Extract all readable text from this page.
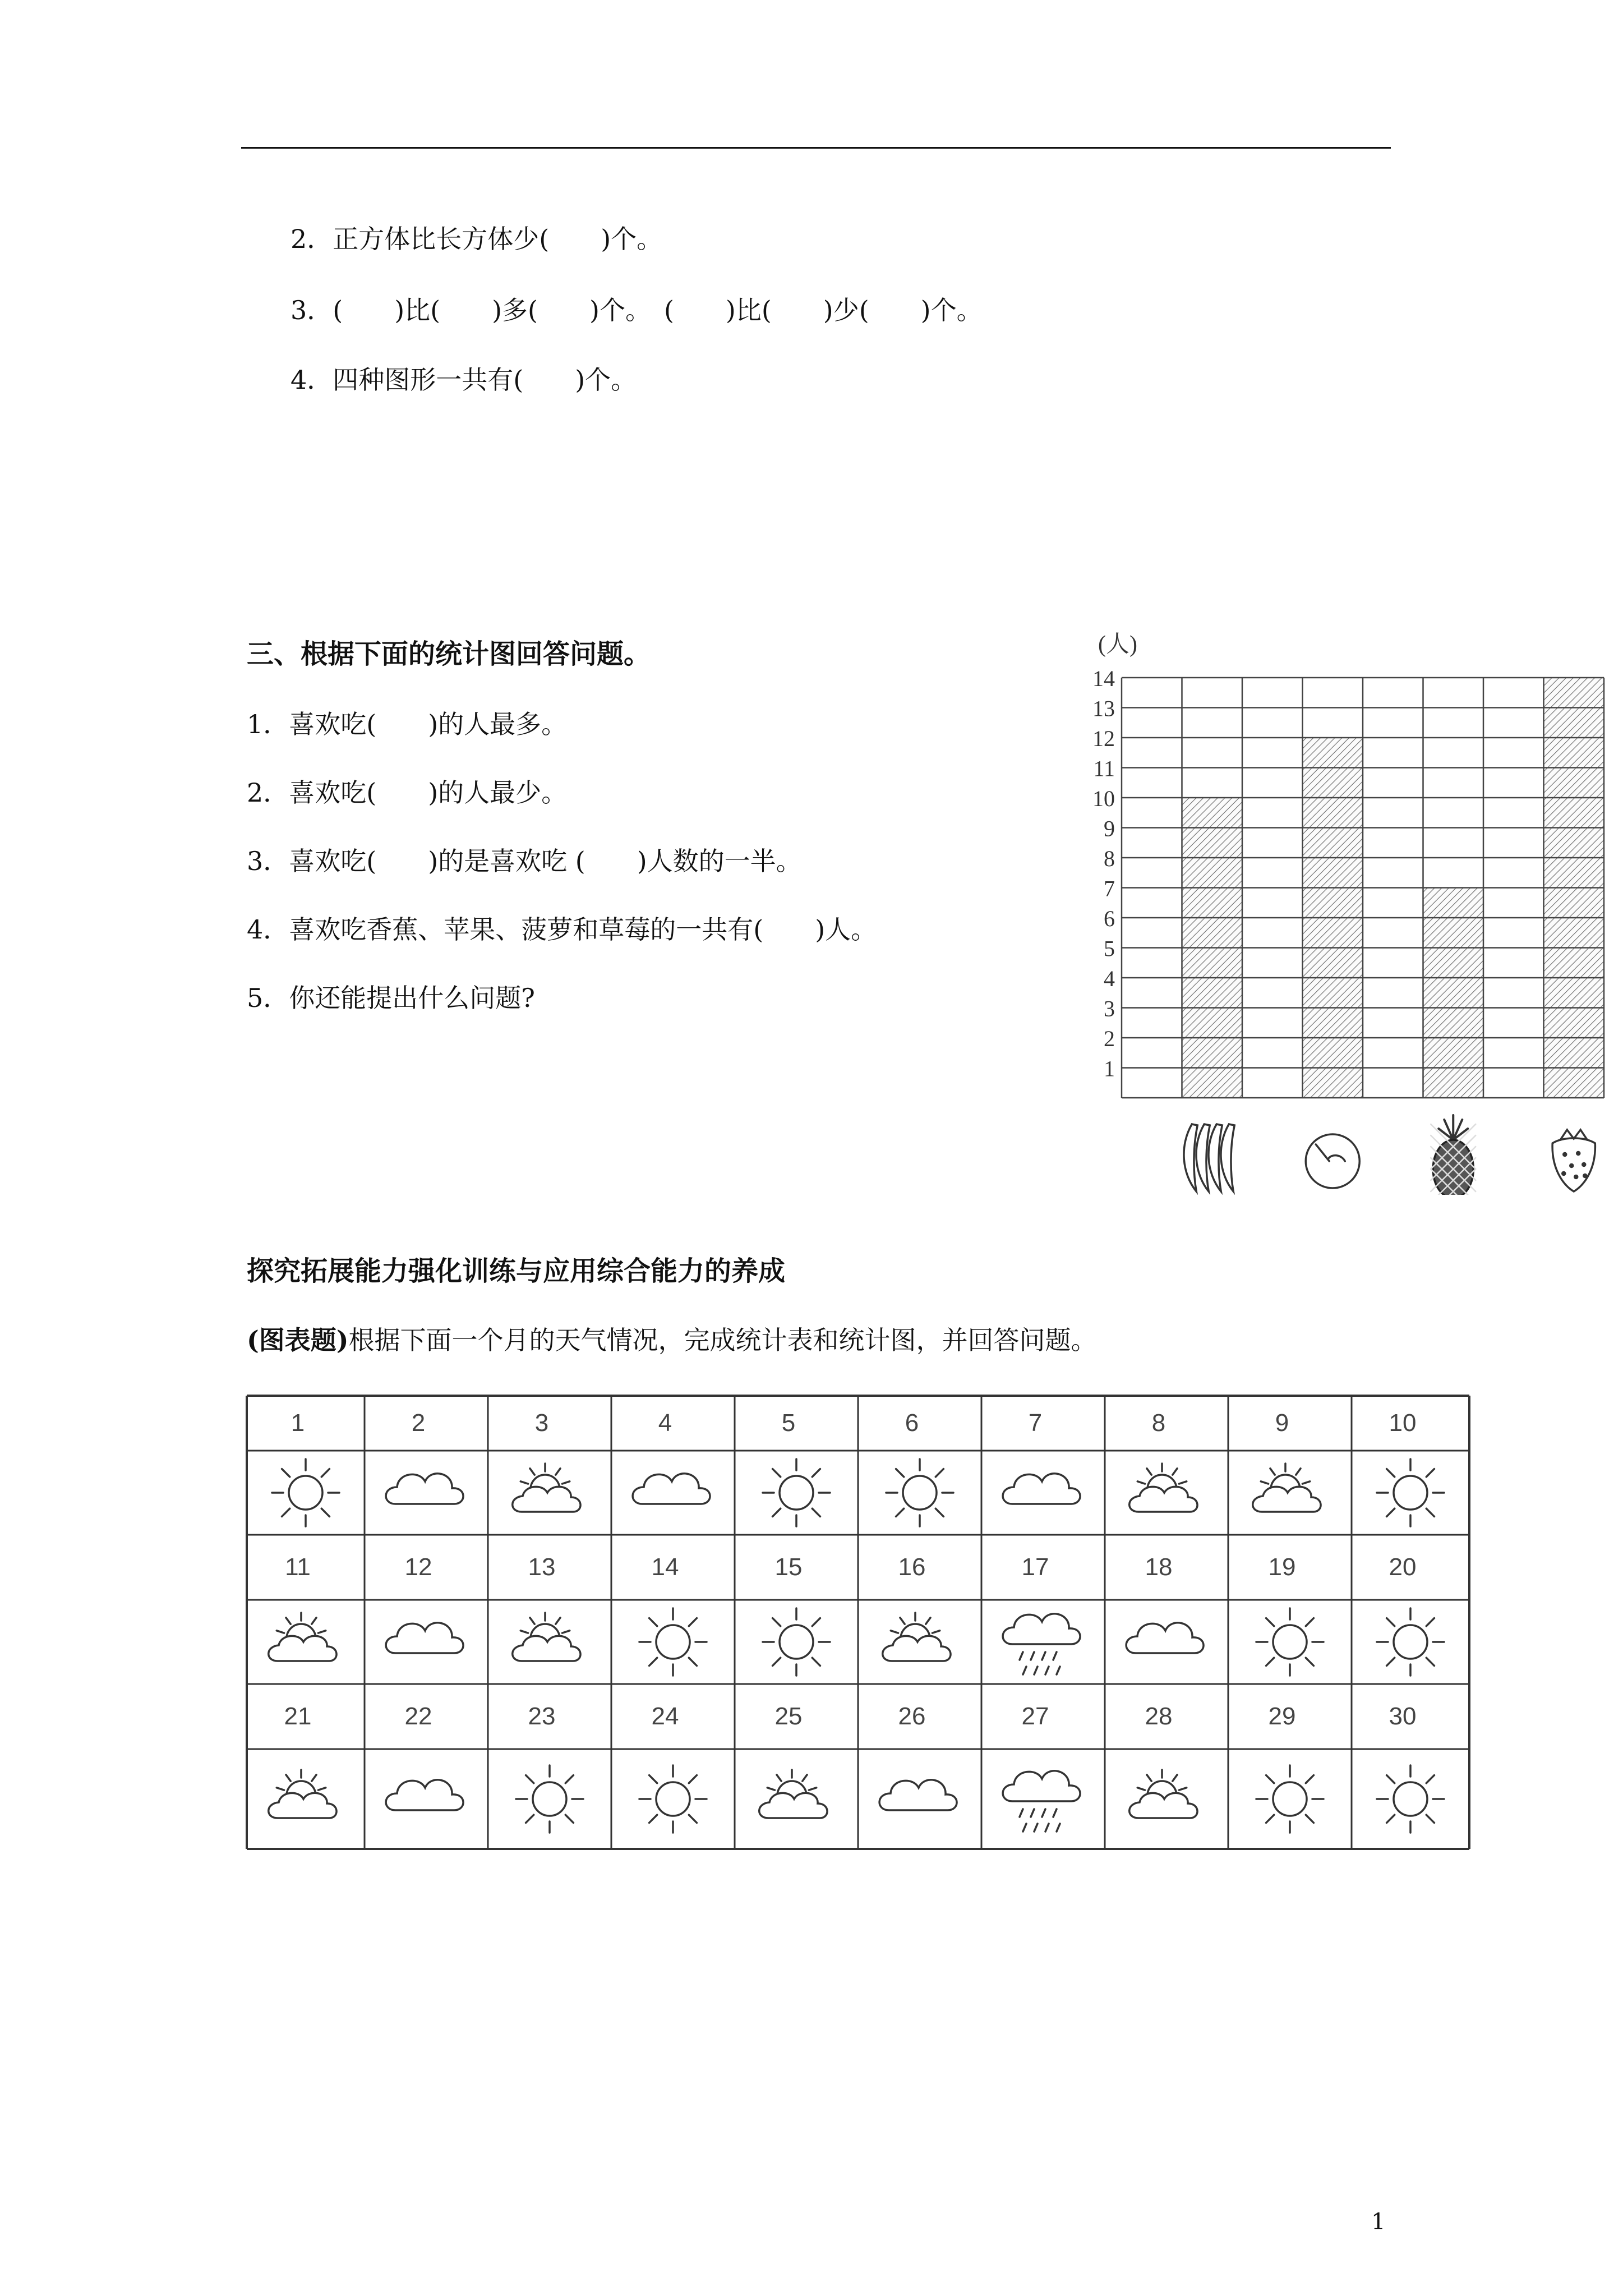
2．正方体比长方体少(　　)个。
3．(　　)比(　　)多(　　)个。　(　　)比(　　)少(　　)个。
4．四种图形一共有(　　)个。
三、根据下面的统计图回答问题。
1．喜欢吃(　　)的人最多。
2．喜欢吃(　　)的人最少。
3．喜欢吃(　　)的是喜欢吃 (　　)人数的一半。
4．喜欢吃香蕉、苹果、菠萝和草莓的一共有(　　)人。
5．你还能提出什么问题?
(人)
1
2
3
4
5
6
7
8
9
10
11
12
13
14
探究拓展能力强化训练与应用综合能力的养成
(图表题)根据下面一个月的天气情况，完成统计表和统计图，并回答问题。
1	2	3	4	5	6	7	8	9	10
11	12	13	14	15	16	17	18	19	20
21	22	23	24	25	26	27	28	29	30
1
